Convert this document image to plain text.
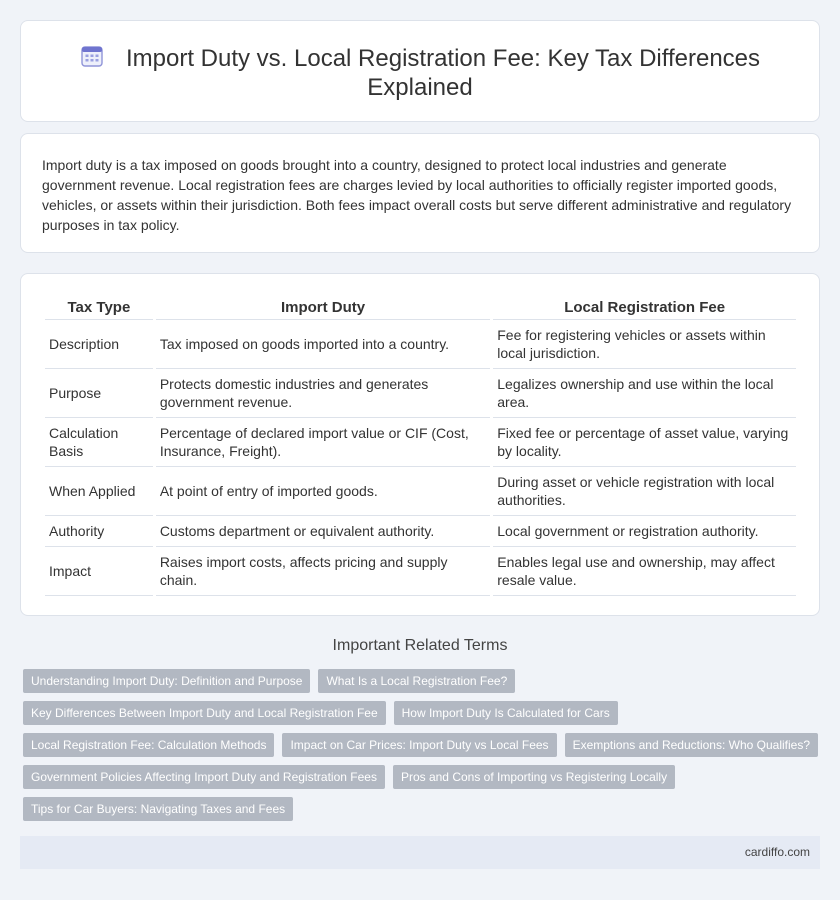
Import Duty vs. Local Registration Fee: Key Tax Differences Explained

Import duty is a tax imposed on goods brought into a country, designed to protect local industries and generate government revenue. Local registration fees are charges levied by local authorities to officially register imported goods, vehicles, or assets within their jurisdiction. Both fees impact overall costs but serve different administrative and regulatory purposes in tax policy.

Tax Type	Import Duty	Local Registration Fee
Description	Tax imposed on goods imported into a country.	Fee for registering vehicles or assets within local jurisdiction.
Purpose	Protects domestic industries and generates government revenue.	Legalizes ownership and use within the local area.
Calculation Basis	Percentage of declared import value or CIF (Cost, Insurance, Freight).	Fixed fee or percentage of asset value, varying by locality.
When Applied	At point of entry of imported goods.	During asset or vehicle registration with local authorities.
Authority	Customs department or equivalent authority.	Local government or registration authority.
Impact	Raises import costs, affects pricing and supply chain.	Enables legal use and ownership, may affect resale value.
Important Related Terms
Understanding Import Duty: Definition and Purpose What Is a Local Registration Fee?
Key Differences Between Import Duty and Local Registration Fee How Import Duty Is Calculated for Cars
Local Registration Fee: Calculation Methods Impact on Car Prices: Import Duty vs Local Fees Exemptions and Reductions: Who Qualifies?
Government Policies Affecting Import Duty and Registration Fees Pros and Cons of Importing vs Registering Locally
Tips for Car Buyers: Navigating Taxes and Fees
cardiffo.com
